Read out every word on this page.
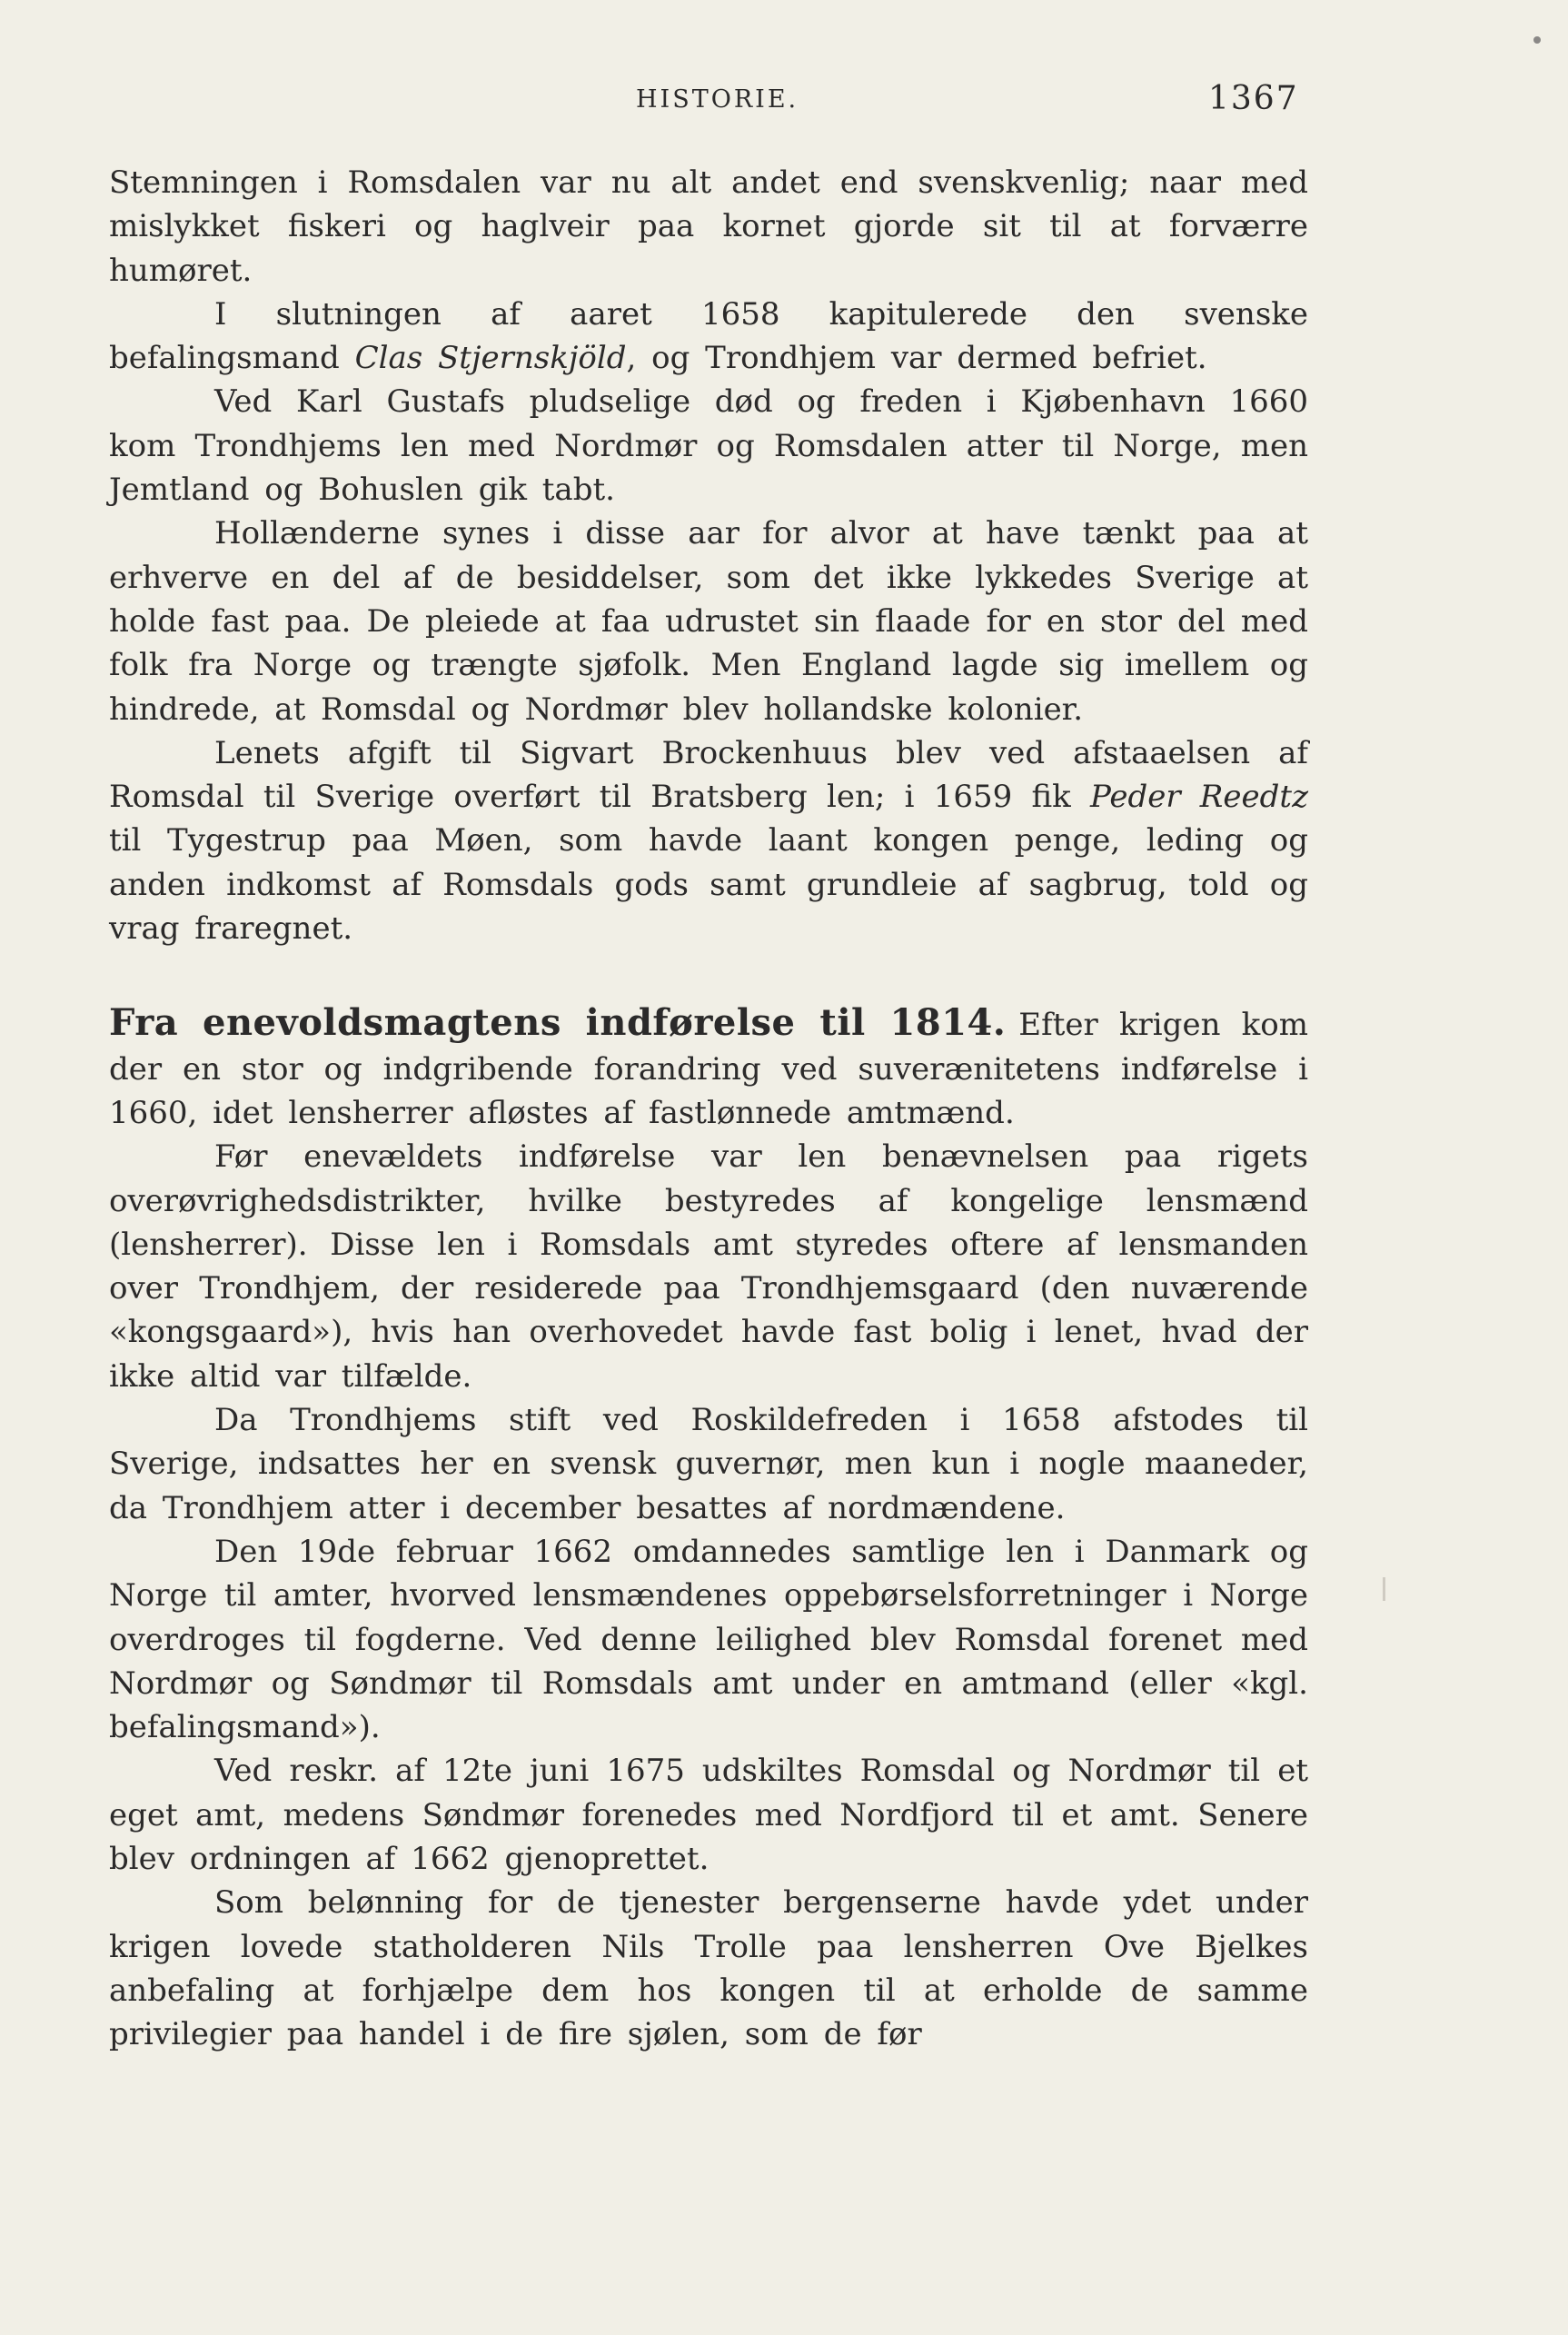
HISTORIE.	1367

Stemningen i Romsdalen var nu alt andet end svenskvenlig; naar med mislykket fiskeri og haglveir paa kornet gjorde sit til at forværre humøret.

I slutningen af aaret 1658 kapitulerede den svenske befalingsmand Clas Stjernskjöld, og Trondhjem var dermed befriet.

Ved Karl Gustafs pludselige død og freden i Kjøbenhavn 1660 kom Trondhjems len med Nordmør og Romsdalen atter til Norge, men Jemtland og Bohuslen gik tabt.

Hollænderne synes i disse aar for alvor at have tænkt paa at erhverve en del af de besiddelser, som det ikke lykkedes Sverige at holde fast paa. De pleiede at faa udrustet sin flaade for en stor del med folk fra Norge og trængte sjøfolk. Men England lagde sig imellem og hindrede, at Romsdal og Nordmør blev hollandske kolonier.

Lenets afgift til Sigvart Brockenhuus blev ved afstaaelsen af Romsdal til Sverige overført til Bratsberg len; i 1659 fik Peder Reedtz til Tygestrup paa Møen, som havde laant kongen penge, leding og anden indkomst af Romsdals gods samt grundleie af sagbrug, told og vrag fraregnet.

Fra enevoldsmagtens indførelse til 1814. Efter krigen kom der en stor og indgribende forandring ved suverænitetens indførelse i 1660, idet lensherrer afløstes af fastlønnede amtmænd.

Før enevældets indførelse var len benævnelsen paa rigets overøvrighedsdistrikter, hvilke bestyredes af kongelige lensmænd (lensherrer). Disse len i Romsdals amt styredes oftere af lensmanden over Trondhjem, der residerede paa Trondhjemsgaard (den nuværende «kongsgaard»), hvis han overhovedet havde fast bolig i lenet, hvad der ikke altid var tilfælde.

Da Trondhjems stift ved Roskildefreden i 1658 afstodes til Sverige, indsattes her en svensk guvernør, men kun i nogle maaneder, da Trondhjem atter i december besattes af nordmændene.

Den 19de februar 1662 omdannedes samtlige len i Danmark og Norge til amter, hvorved lensmændenes oppebørselsforretninger i Norge overdroges til fogderne. Ved denne leilighed blev Romsdal forenet med Nordmør og Søndmør til Romsdals amt under en amtmand (eller «kgl. befalingsmand»).

Ved reskr. af 12te juni 1675 udskiltes Romsdal og Nordmør til et eget amt, medens Søndmør forenedes med Nordfjord til et amt. Senere blev ordningen af 1662 gjenoprettet.

Som belønning for de tjenester bergenserne havde ydet under krigen lovede statholderen Nils Trolle paa lensherren Ove Bjelkes anbefaling at forhjælpe dem hos kongen til at erholde de samme privilegier paa handel i de fire sjølen, som de før
